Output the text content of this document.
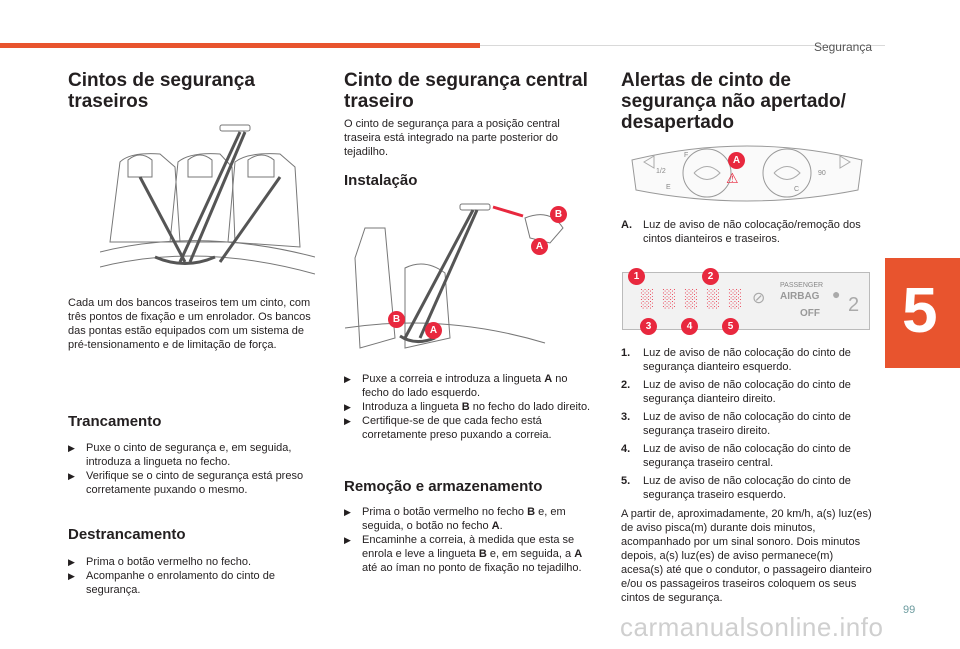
Segurança
5
Cintos de segurança traseiros
Cada um dos bancos traseiros tem um cinto, com três pontos de fixação e um enrolador. Os bancos das pontas estão equipados com um sistema de pré-tensionamento e de limitação de força.
Trancamento
▶ Puxe o cinto de segurança e, em seguida, introduza a lingueta no fecho.
▶ Verifique se o cinto de segurança está preso corretamente puxando o mesmo.
Destrancamento
▶ Prima o botão vermelho no fecho.
▶ Acompanhe o enrolamento do cinto de segurança.
Cinto de segurança central traseiro
O cinto de segurança para a posição central traseira está integrado na parte posterior do tejadilho.
Instalação
B
A
B
A
▶ Puxe a correia e introduza a lingueta A no fecho do lado esquerdo.
▶ Introduza a lingueta B no fecho do lado direito.
▶ Certifique-se de que cada fecho está corretamente preso puxando a correia.
Remoção e armazenamento
▶ Prima o botão vermelho no fecho B e, em seguida, o botão no fecho A.
▶ Encaminhe a correia, à medida que esta se enrola e leve a lingueta B e, em seguida, a A até ao íman no ponto de fixação no tejadilho.
Alertas de cinto de segurança não apertado/ desapertado
1/2
E
F
C
90
⚠
A
A. Luz de aviso de não colocação/remoção dos cintos dianteiros e traseiros.
░ ░ ░ ░ ░ ⊘
PASSENGER
AIRBAG
OFF
● 2
1	2
3	4	5
1. Luz de aviso de não colocação do cinto de segurança dianteiro esquerdo.
2. Luz de aviso de não colocação do cinto de segurança dianteiro direito.
3. Luz de aviso de não colocação do cinto de segurança traseiro direito.
4. Luz de aviso de não colocação do cinto de segurança traseiro central.
5. Luz de aviso de não colocação do cinto de segurança traseiro esquerdo.
A partir de, aproximadamente, 20 km/h, a(s) luz(es) de aviso pisca(m) durante dois minutos, acompanhado por um sinal sonoro. Dois minutos depois, a(s) luz(es) de aviso permanece(m) acesa(s) até que o condutor, o passageiro dianteiro e/ou os passageiros traseiros coloquem os seus cintos de segurança.
99
carmanualsonline.info
